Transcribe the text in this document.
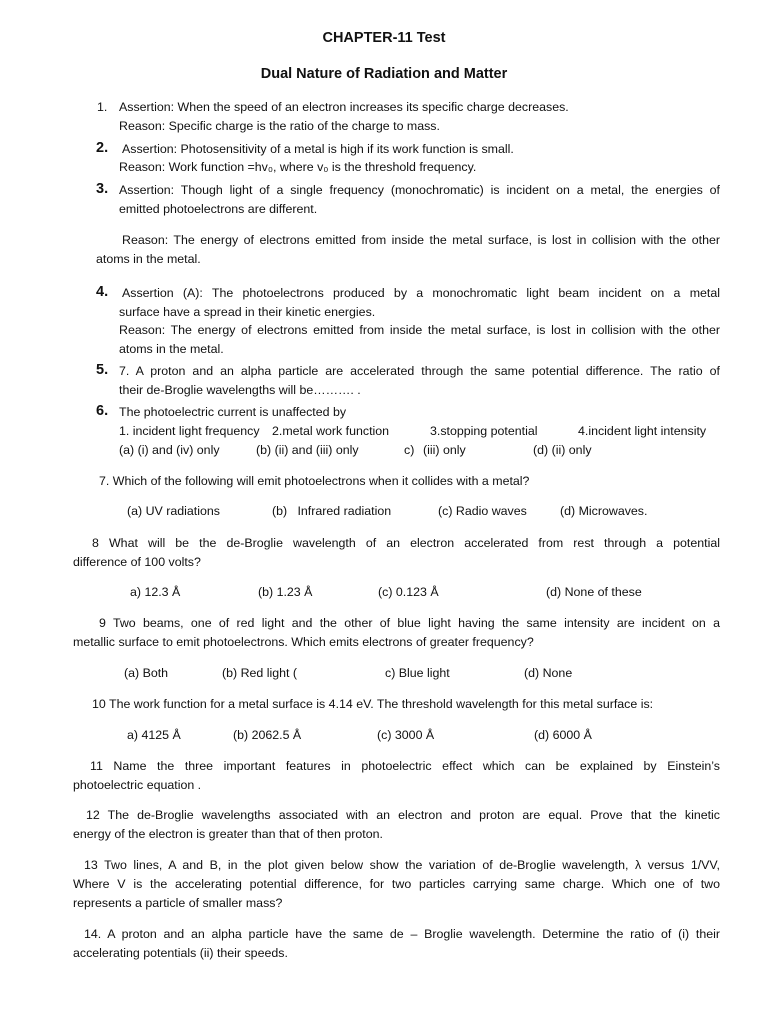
CHAPTER-11 Test
Dual Nature of Radiation and Matter
1. Assertion: When the speed of an electron increases its specific charge decreases.
Reason: Specific charge is the ratio of the charge to mass.
2. Assertion: Photosensitivity of a metal is high if its work function is small.
Reason: Work function =hv₀, where v₀ is the threshold frequency.
3. Assertion: Though light of a single frequency (monochromatic) is incident on a metal, the energies of
emitted photoelectrons are different.
Reason: The energy of electrons emitted from inside the metal surface, is lost in collision with the other
atoms in the metal.
4. Assertion (A): The photoelectrons produced by a monochromatic light beam incident on a metal
surface have a spread in their kinetic energies.
Reason: The energy of electrons emitted from inside the metal surface, is lost in collision with the other
atoms in the metal.
5. 7. A proton and an alpha particle are accelerated through the same potential difference. The ratio of
their de-Broglie wavelengths will be………. .
6. The photoelectric current is unaffected by
1. incident light frequency 2.metal work function	3.stopping potential	4.incident light intensity
(a) (i) and (iv) only	(b) (ii) and (iii) only	c) (iii) only	(d) (ii) only
7. Which of the following will emit photoelectrons when it collides with a metal?
(a) UV radiations	(b)   Infrared radiation	(c) Radio waves	(d) Microwaves.
8 What will be the de-Broglie wavelength of an electron accelerated from rest through a potential
difference of 100 volts?
a) 12.3 Å	(b) 1.23 Å	(c) 0.123 Å	(d) None of these
9 Two beams, one of red light and the other of blue light having the same intensity are incident on a
metallic surface to emit photoelectrons. Which emits electrons of greater frequency?
(a) Both	(b) Red light (	c) Blue light	(d) None
10 The work function for a metal surface is 4.14 eV. The threshold wavelength for this metal surface is:
a) 4125 Å	(b) 2062.5 Å	(c) 3000 Å	(d) 6000 Å
11 Name the three important features in photoelectric effect which can be explained by Einstein’s
photoelectric equation .
12 The de-Broglie wavelengths associated with an electron and proton are equal. Prove that the kinetic
energy of the electron is greater than that of then proton.
13 Two lines, A and B, in the plot given below show the variation of de-Broglie wavelength, λ versus 1/VV,
Where V is the accelerating potential difference, for two particles carrying same charge. Which one of two
represents a particle of smaller mass?
14. A proton and an alpha particle have the same de – Broglie wavelength. Determine the ratio of (i) their
accelerating potentials (ii) their speeds.
